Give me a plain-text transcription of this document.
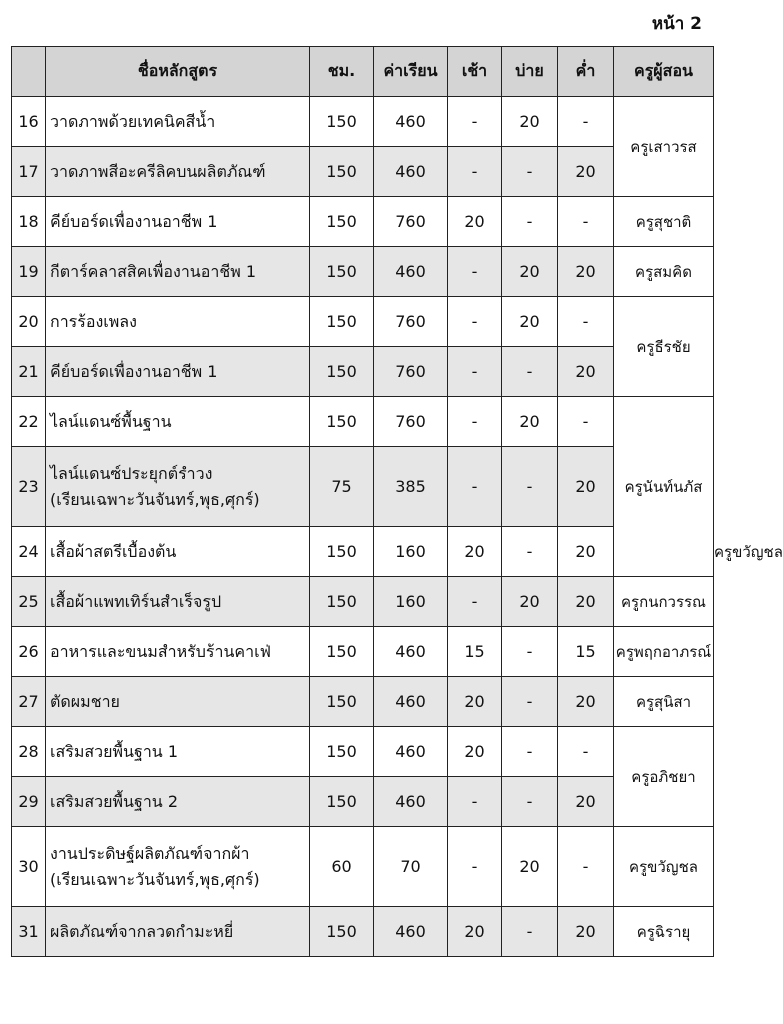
หน้า 2
	ชื่อหลักสูตร	ชม.	ค่าเรียน	เช้า	บ่าย	ค่ำ	ครูผู้สอน	
16	วาดภาพด้วยเทคนิคสีน้ำ	150	460	-	20	-	ครูเสาวรส	
17	วาดภาพสีอะครีลิคบนผลิตภัณฑ์	150	460	-	-	20		
18	คีย์บอร์ดเพื่องานอาชีพ 1	150	760	20	-	-	ครูสุชาติ	
19	กีตาร์คลาสสิคเพื่องานอาชีพ 1	150	460	-	20	20	ครูสมคิด	
20	การร้องเพลง	150	760	-	20	-	ครูธีรชัย	
21	คีย์บอร์ดเพื่องานอาชีพ 1	150	760	-	-	20		
22	ไลน์แดนซ์พื้นฐาน	150	760	-	20	-	ครูนันท์นภัส	
23	ไลน์แดนซ์ประยุกต์รำวง
(เรียนเฉพาะวันจันทร์,พุธ,ศุกร์)	75	385	-	-	20		
24	เสื้อผ้าสตรีเบื้องต้น	150	160	20	-	20		ครูขวัญชล
25	เสื้อผ้าแพทเทิร์นสำเร็จรูป	150	160	-	20	20	ครูกนกวรรณ	
26	อาหารและขนมสำหรับร้านคาเฟ่	150	460	15	-	15	ครูพฤกอาภรณ์	
27	ตัดผมชาย	150	460	20	-	20	ครูสุนิสา	
28	เสริมสวยพื้นฐาน 1	150	460	20	-	-	ครูอภิชยา	
29	เสริมสวยพื้นฐาน 2	150	460	-	-	20		
30	งานประดิษฐ์ผลิตภัณฑ์จากผ้า
(เรียนเฉพาะวันจันทร์,พุธ,ศุกร์)	60	70	-	20	-	ครูขวัญชล	
31	ผลิตภัณฑ์จากลวดกำมะหยี่	150	460	20	-	20	ครูฉิรายุ	
